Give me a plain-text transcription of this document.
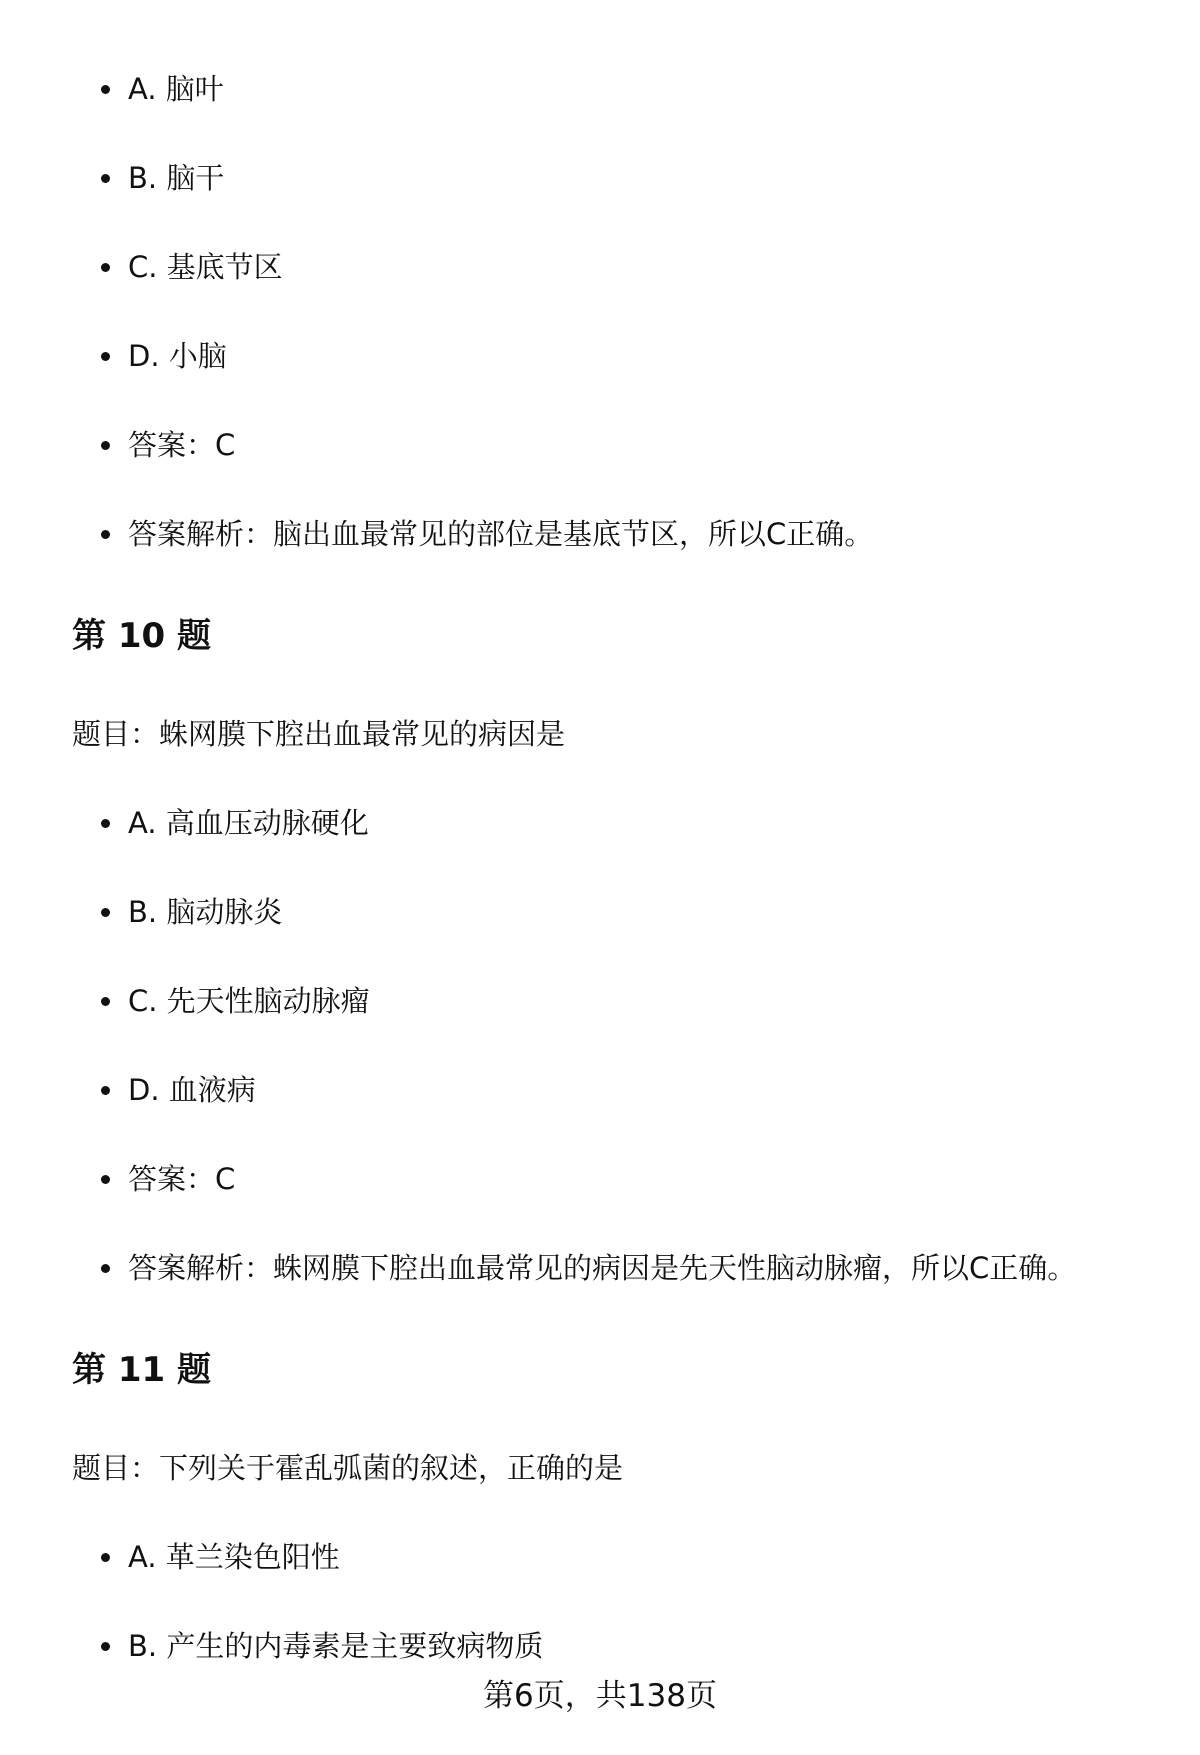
A. 脑叶
B. 脑干
C. 基底节区
D. 小脑
答案：C
答案解析：脑出血最常见的部位是基底节区，所以C正确。
第 10 题
题目：蛛网膜下腔出血最常见的病因是
A. 高血压动脉硬化
B. 脑动脉炎
C. 先天性脑动脉瘤
D. 血液病
答案：C
答案解析：蛛网膜下腔出血最常见的病因是先天性脑动脉瘤，所以C正确。
第 11 题
题目：下列关于霍乱弧菌的叙述，正确的是
A. 革兰染色阳性
B. 产生的内毒素是主要致病物质
第6页，共138页
